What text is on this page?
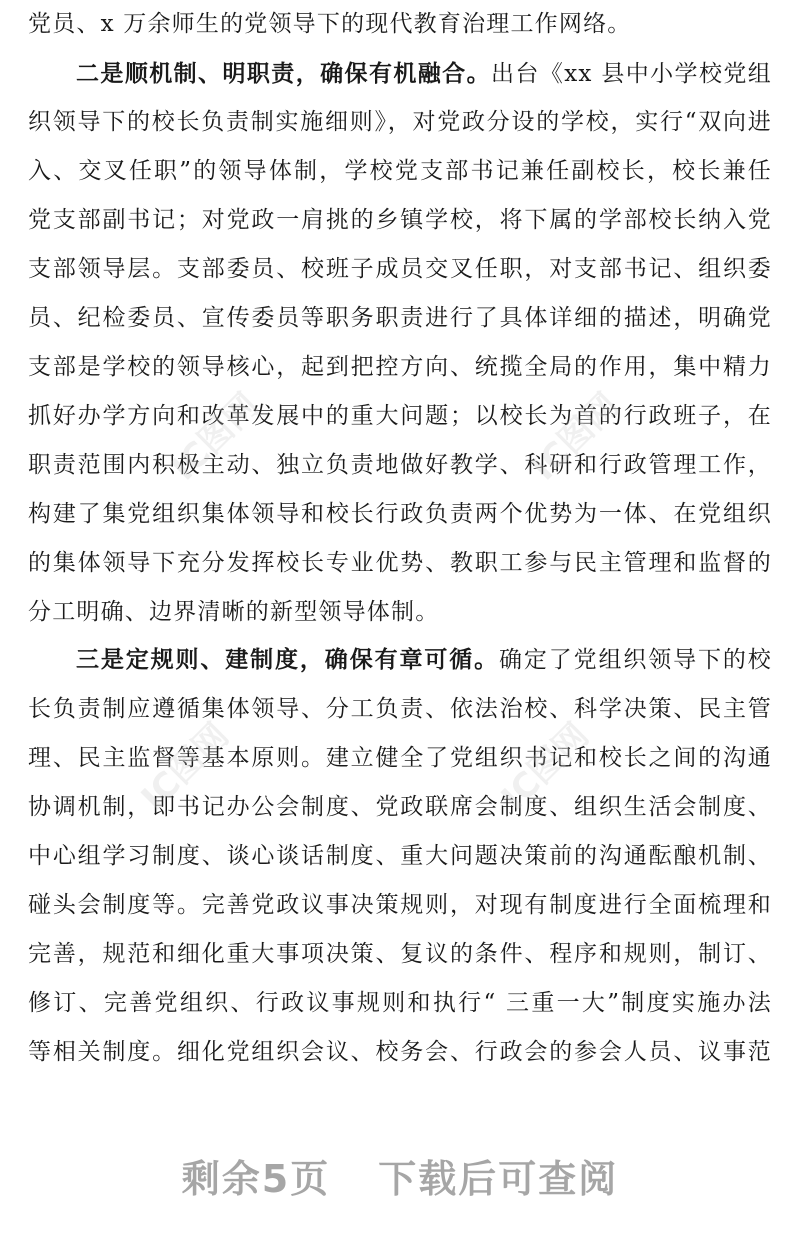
党员、x 万余师生的党领导下的现代教育治理工作网络。
二是顺机制、明职责，确保有机融合。出台《xx 县中小学校党组
织领导下的校长负责制实施细则》，对党政分设的学校，实行“双向进
入、交叉任职”的领导体制，学校党支部书记兼任副校长，校长兼任
党支部副书记；对党政一肩挑的乡镇学校，将下属的学部校长纳入党
支部领导层。支部委员、校班子成员交叉任职，对支部书记、组织委
员、纪检委员、宣传委员等职务职责进行了具体详细的描述，明确党
支部是学校的领导核心，起到把控方向、统揽全局的作用，集中精力
抓好办学方向和改革发展中的重大问题；以校长为首的行政班子，在
职责范围内积极主动、独立负责地做好教学、科研和行政管理工作，
构建了集党组织集体领导和校长行政负责两个优势为一体、在党组织
的集体领导下充分发挥校长专业优势、教职工参与民主管理和监督的
分工明确、边界清晰的新型领导体制。
三是定规则、建制度，确保有章可循。确定了党组织领导下的校
长负责制应遵循集体领导、分工负责、依法治校、科学决策、民主管
理、民主监督等基本原则。建立健全了党组织书记和校长之间的沟通
协调机制，即书记办公会制度、党政联席会制度、组织生活会制度、
中心组学习制度、谈心谈话制度、重大问题决策前的沟通酝酿机制、
碰头会制度等。完善党政议事决策规则，对现有制度进行全面梳理和
完善，规范和细化重大事项决策、复议的条件、程序和规则，制订、
修订、完善党组织、行政议事规则和执行“ 三重一大”制度实施办法
等相关制度。细化党组织会议、校务会、行政会的参会人员、议事范
IC图网	IC图网
IC图网	IC图网
剩余5页 下载后可查阅
